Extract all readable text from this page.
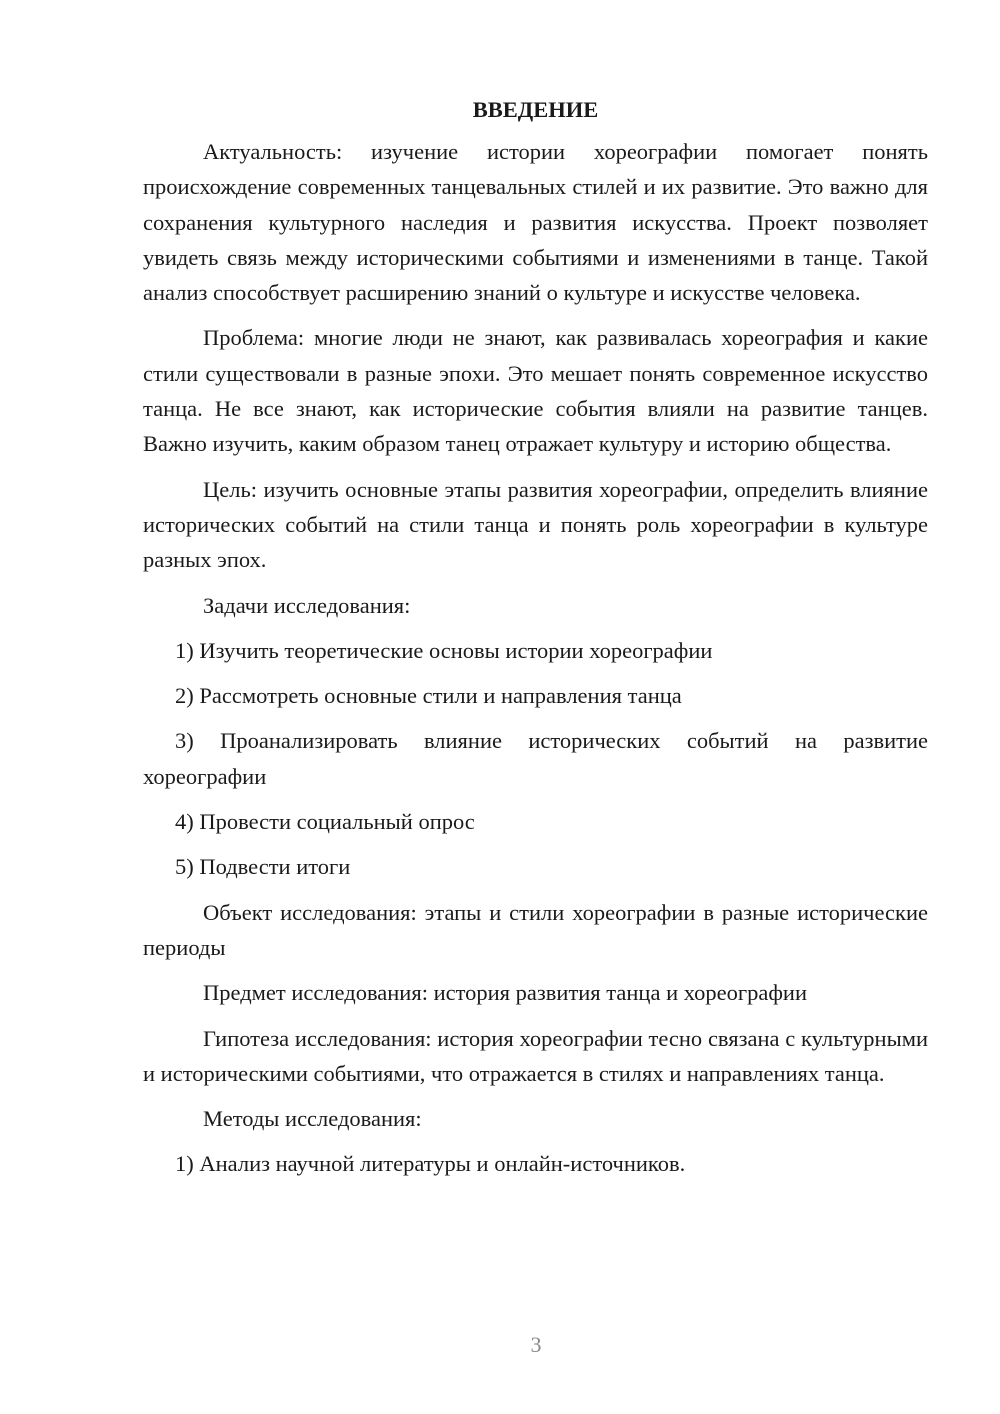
ВВЕДЕНИЕ

Актуальность: изучение истории хореографии помогает понять происхождение современных танцевальных стилей и их развитие. Это важно для сохранения культурного наследия и развития искусства. Проект позволяет увидеть связь между историческими событиями и изменениями в танце. Такой анализ способствует расширению знаний о культуре и искусстве человека.

Проблема: многие люди не знают, как развивалась хореография и какие стили существовали в разные эпохи. Это мешает понять современное искусство танца. Не все знают, как исторические события влияли на развитие танцев. Важно изучить, каким образом танец отражает культуру и историю общества.

Цель: изучить основные этапы развития хореографии, определить влияние исторических событий на стили танца и понять роль хореографии в культуре разных эпох.

Задачи исследования:

1) Изучить теоретические основы истории хореографии

2) Рассмотреть основные стили и направления танца

3) Проанализировать влияние исторических событий на развитие хореографии

4) Провести социальный опрос

5) Подвести итоги

Объект исследования: этапы и стили хореографии в разные исторические периоды

Предмет исследования: история развития танца и хореографии

Гипотеза исследования: история хореографии тесно связана с культурными и историческими событиями, что отражается в стилях и направлениях танца.

Методы исследования:

1) Анализ научной литературы и онлайн-источников.

3
